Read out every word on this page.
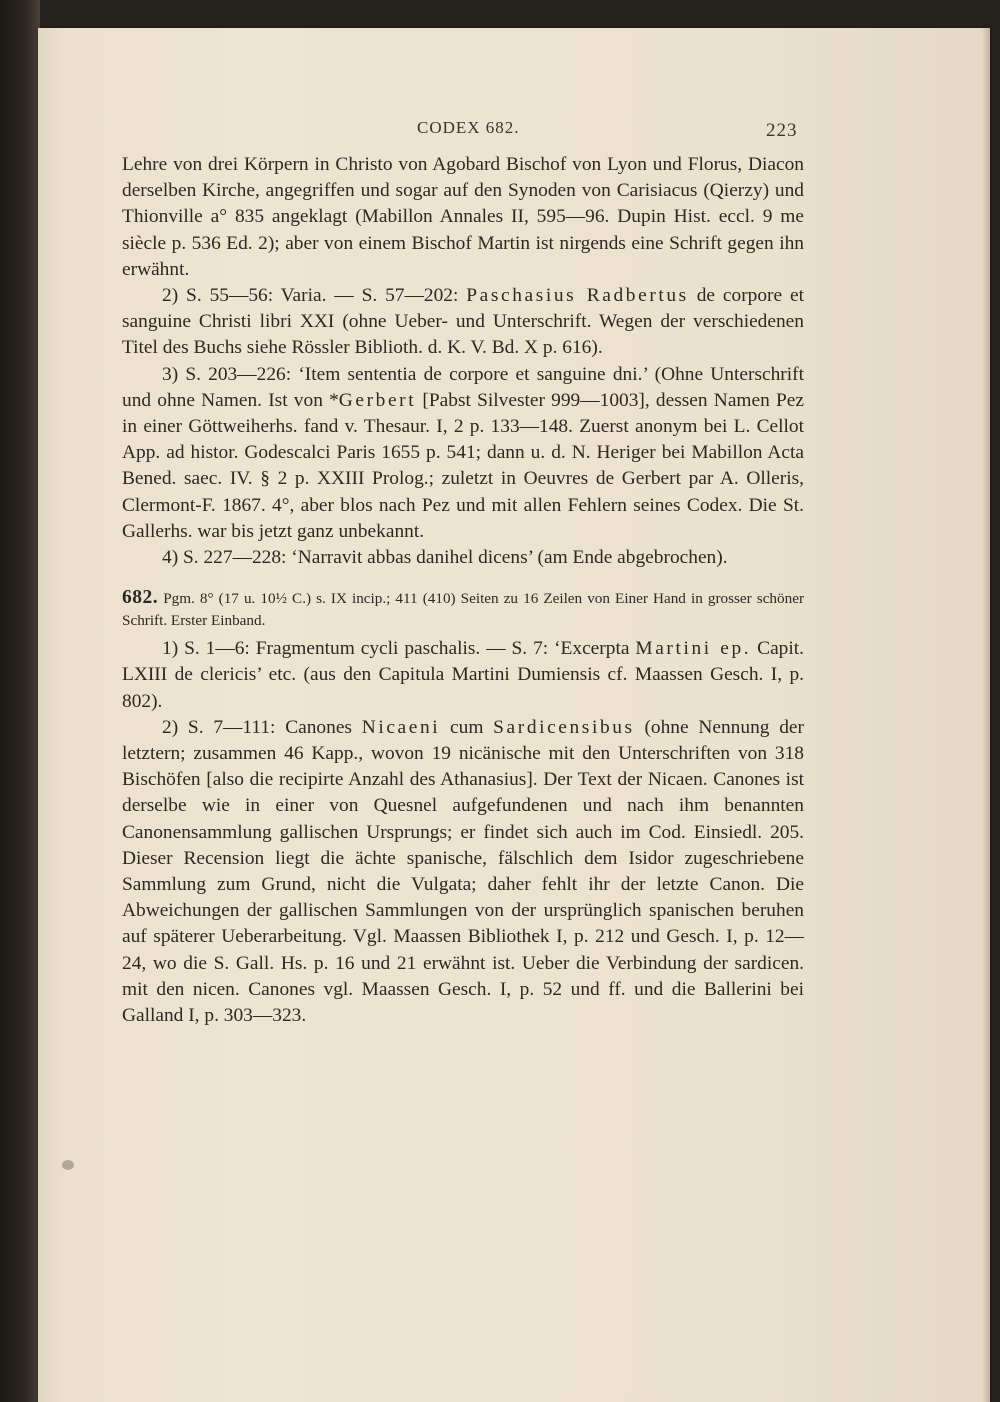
CODEX 682.	223

Lehre von drei Körpern in Christo von Agobard Bischof von Lyon und Florus, Diacon derselben Kirche, angegriffen und sogar auf den Synoden von Carisiacus (Qierzy) und Thionville a° 835 angeklagt (Mabillon Annales II, 595—96. Dupin Hist. eccl. 9 me siècle p. 536 Ed. 2); aber von einem Bischof Martin ist nirgends eine Schrift gegen ihn erwähnt.

2) S. 55—56: Varia. — S. 57—202: Paschasius Radbertus de corpore et sanguine Christi libri XXI (ohne Ueber- und Unterschrift. Wegen der verschiedenen Titel des Buchs siehe Rössler Biblioth. d. K. V. Bd. X p. 616).

3) S. 203—226: ‘Item sententia de corpore et sanguine dni.’ (Ohne Unterschrift und ohne Namen. Ist von *Gerbert [Pabst Silvester 999—1003], dessen Namen Pez in einer Göttweiherhs. fand v. Thesaur. I, 2 p. 133—148. Zuerst anonym bei L. Cellot App. ad histor. Godescalci Paris 1655 p. 541; dann u. d. N. Heriger bei Mabillon Acta Bened. saec. IV. § 2 p. XXIII Prolog.; zuletzt in Oeuvres de Gerbert par A. Olleris, Clermont-F. 1867. 4°, aber blos nach Pez und mit allen Fehlern seines Codex. Die St. Gallerhs. war bis jetzt ganz unbekannt.

4) S. 227—228: ‘Narravit abbas danihel dicens’ (am Ende abgebrochen).

682. Pgm. 8° (17 u. 10½ C.) s. IX incip.; 411 (410) Seiten zu 16 Zeilen von Einer Hand in grosser schöner Schrift. Erster Einband.

1) S. 1—6: Fragmentum cycli paschalis. — S. 7: ‘Excerpta Martini ep. Capit. LXIII de clericis’ etc. (aus den Capitula Martini Dumiensis cf. Maassen Gesch. I, p. 802).

2) S. 7—111: Canones Nicaeni cum Sardicensibus (ohne Nennung der letztern; zusammen 46 Kapp., wovon 19 nicänische mit den Unterschriften von 318 Bischöfen [also die recipirte Anzahl des Athanasius]. Der Text der Nicaen. Canones ist derselbe wie in einer von Quesnel aufgefundenen und nach ihm benannten Canonensammlung gallischen Ursprungs; er findet sich auch im Cod. Einsiedl. 205. Dieser Recension liegt die ächte spanische, fälschlich dem Isidor zugeschriebene Sammlung zum Grund, nicht die Vulgata; daher fehlt ihr der letzte Canon. Die Abweichungen der gallischen Sammlungen von der ursprünglich spanischen beruhen auf späterer Ueberarbeitung. Vgl. Maassen Bibliothek I, p. 212 und Gesch. I, p. 12—24, wo die S. Gall. Hs. p. 16 und 21 erwähnt ist. Ueber die Verbindung der sardicen. mit den nicen. Canones vgl. Maassen Gesch. I, p. 52 und ff. und die Ballerini bei Galland I, p. 303—323.
